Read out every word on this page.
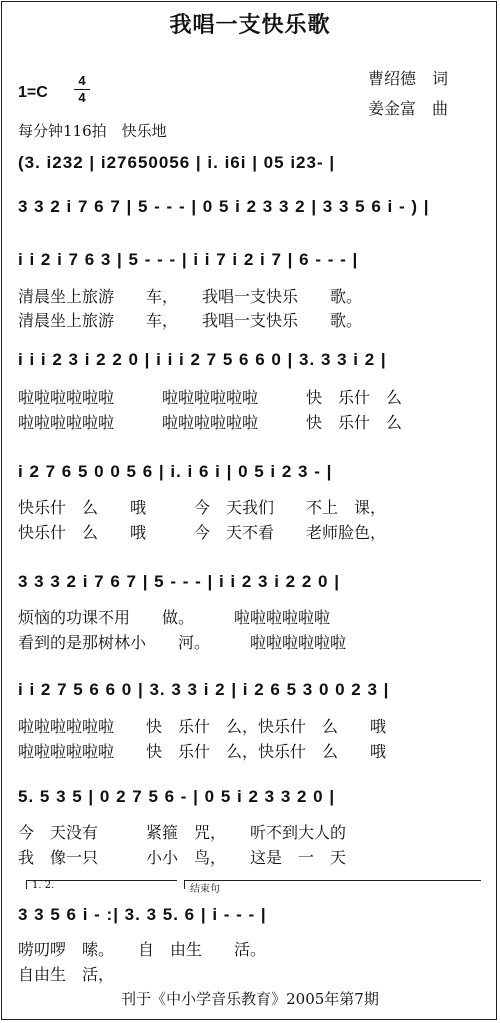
我唱一支快乐歌
1=C
4
4
曹绍德　词
姜金富　曲
每分钟116拍　快乐地
(3. i232 | i27650056 | i. i6i | 05 i23- |
3 3 2 i 7 6 7 | 5 - - - | 0 5 i 2 3 3 2 | 3 3 5 6 i - ) |
i i 2 i 7 6 3 | 5 - - - | i i 7 i 2 i 7 | 6 - - - |
清晨坐上旅游　　车，　　我唱一支快乐　　歌。
清晨坐上旅游　　车，　　我唱一支快乐　　歌。
i i i 2 3 i 2 2 0 | i i i 2 7 5 6 6 0 | 3. 3 3 i 2 |
啦啦啦啦啦啦　　　啦啦啦啦啦啦　　　快　乐什　么
啦啦啦啦啦啦　　　啦啦啦啦啦啦　　　快　乐什　么
i 2 7 6 5 0 0 5 6 | i. i 6 i | 0 5 i 2 3 - |
快乐什　么　　哦　　　今　天我们　　不上　课，
快乐什　么　　哦　　　今　天不看　　老师脸色，
3 3 3 2 i 7 6 7 | 5 - - - | i i 2 3 i 2 2 0 |
烦恼的功课不用　　做。　　　啦啦啦啦啦啦
看到的是那树林小　　河。　　　啦啦啦啦啦啦
i i 2 7 5 6 6 0 | 3. 3 3 i 2 | i 2 6 5 3 0 0 2 3 |
啦啦啦啦啦啦　　快　乐什　么，快乐什　么　　哦
啦啦啦啦啦啦　　快　乐什　么，快乐什　么　　哦
5. 5 3 5 | 0 2 7 5 6 - | 0 5 i 2 3 3 2 0 |
今　天没有　　　紧箍　咒，　　听不到大人的
我　像一只　　　小小　鸟，　　这是　一　天
1. 2.	结束句
3 3 5 6 i - :| 3. 3 5. 6 | i - - - |
唠叨啰　嗦。　　自　由生　　活。
自由生　活，
刊于《中小学音乐教育》2005年第7期
